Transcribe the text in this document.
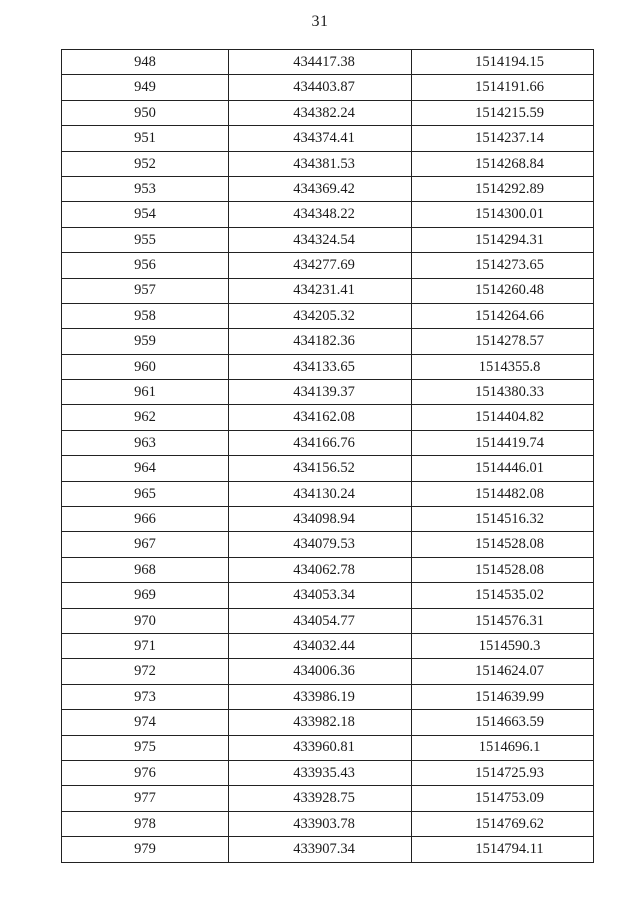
31
948	434417.38	1514194.15
949	434403.87	1514191.66
950	434382.24	1514215.59
951	434374.41	1514237.14
952	434381.53	1514268.84
953	434369.42	1514292.89
954	434348.22	1514300.01
955	434324.54	1514294.31
956	434277.69	1514273.65
957	434231.41	1514260.48
958	434205.32	1514264.66
959	434182.36	1514278.57
960	434133.65	1514355.8
961	434139.37	1514380.33
962	434162.08	1514404.82
963	434166.76	1514419.74
964	434156.52	1514446.01
965	434130.24	1514482.08
966	434098.94	1514516.32
967	434079.53	1514528.08
968	434062.78	1514528.08
969	434053.34	1514535.02
970	434054.77	1514576.31
971	434032.44	1514590.3
972	434006.36	1514624.07
973	433986.19	1514639.99
974	433982.18	1514663.59
975	433960.81	1514696.1
976	433935.43	1514725.93
977	433928.75	1514753.09
978	433903.78	1514769.62
979	433907.34	1514794.11
